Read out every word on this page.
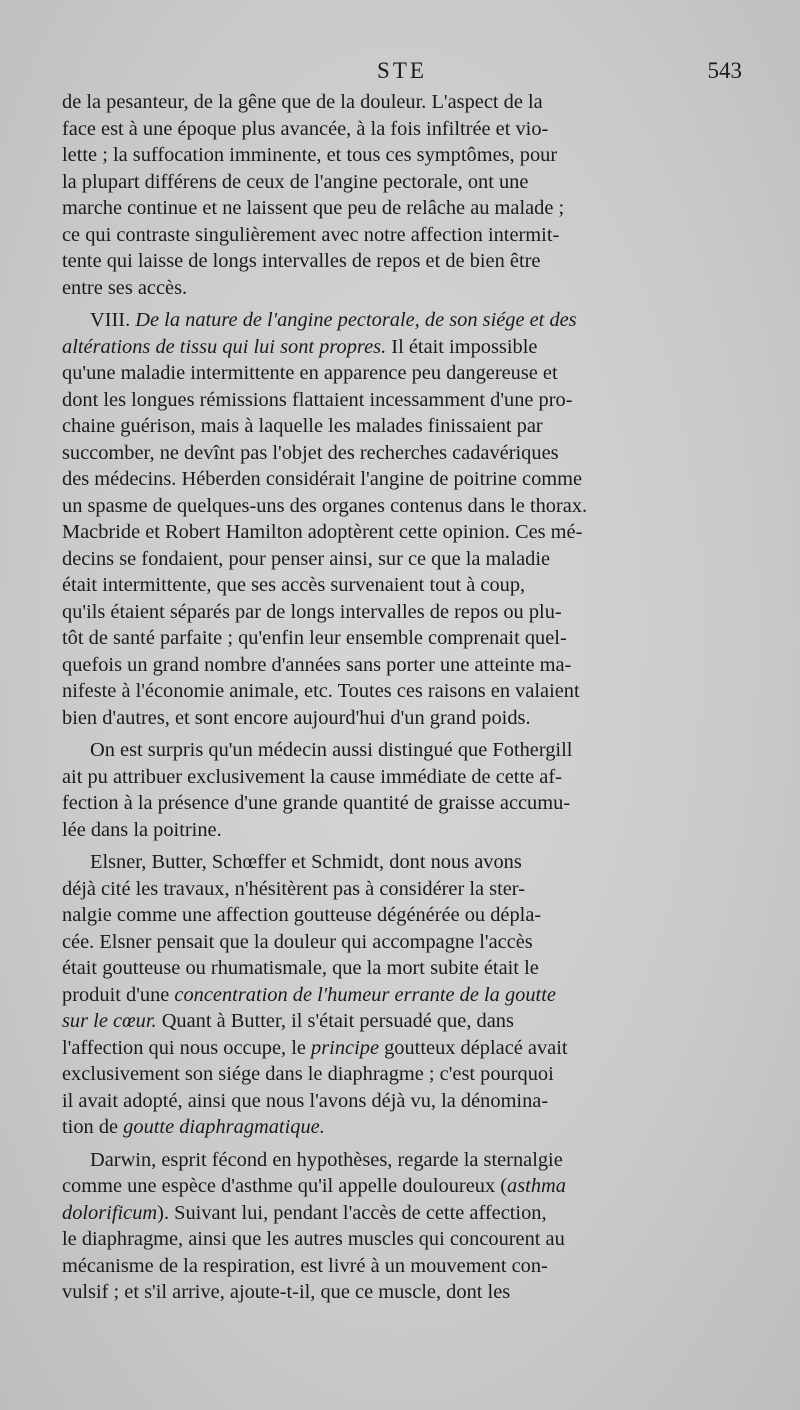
STE	543
de la pesanteur, de la gêne que de la douleur. L'aspect de la
face est à une époque plus avancée, à la fois infiltrée et vio-
lette ; la suffocation imminente, et tous ces symptômes, pour
la plupart différens de ceux de l'angine pectorale, ont une
marche continue et ne laissent que peu de relâche au malade ;
ce qui contraste singulièrement avec notre affection intermit-
tente qui laisse de longs intervalles de repos et de bien être
entre ses accès.
VIII. De la nature de l'angine pectorale, de son siége et des
altérations de tissu qui lui sont propres. Il était impossible
qu'une maladie intermittente en apparence peu dangereuse et
dont les longues rémissions flattaient incessamment d'une pro-
chaine guérison, mais à laquelle les malades finissaient par
succomber, ne devînt pas l'objet des recherches cadavériques
des médecins. Héberden considérait l'angine de poitrine comme
un spasme de quelques-uns des organes contenus dans le thorax.
Macbride et Robert Hamilton adoptèrent cette opinion. Ces mé-
decins se fondaient, pour penser ainsi, sur ce que la maladie
était intermittente, que ses accès survenaient tout à coup,
qu'ils étaient séparés par de longs intervalles de repos ou plu-
tôt de santé parfaite ; qu'enfin leur ensemble comprenait quel-
quefois un grand nombre d'années sans porter une atteinte ma-
nifeste à l'économie animale, etc. Toutes ces raisons en valaient
bien d'autres, et sont encore aujourd'hui d'un grand poids.
On est surpris qu'un médecin aussi distingué que Fothergill
ait pu attribuer exclusivement la cause immédiate de cette af-
fection à la présence d'une grande quantité de graisse accumu-
lée dans la poitrine.
Elsner, Butter, Schœffer et Schmidt, dont nous avons
déjà cité les travaux, n'hésitèrent pas à considérer la ster-
nalgie comme une affection goutteuse dégénérée ou dépla-
cée. Elsner pensait que la douleur qui accompagne l'accès
était goutteuse ou rhumatismale, que la mort subite était le
produit d'une concentration de l'humeur errante de la goutte
sur le cœur. Quant à Butter, il s'était persuadé que, dans
l'affection qui nous occupe, le principe goutteux déplacé avait
exclusivement son siége dans le diaphragme ; c'est pourquoi
il avait adopté, ainsi que nous l'avons déjà vu, la dénomina-
tion de goutte diaphragmatique.
Darwin, esprit fécond en hypothèses, regarde la sternalgie
comme une espèce d'asthme qu'il appelle douloureux (asthma
dolorificum). Suivant lui, pendant l'accès de cette affection,
le diaphragme, ainsi que les autres muscles qui concourent au
mécanisme de la respiration, est livré à un mouvement con-
vulsif ; et s'il arrive, ajoute-t-il, que ce muscle, dont les
